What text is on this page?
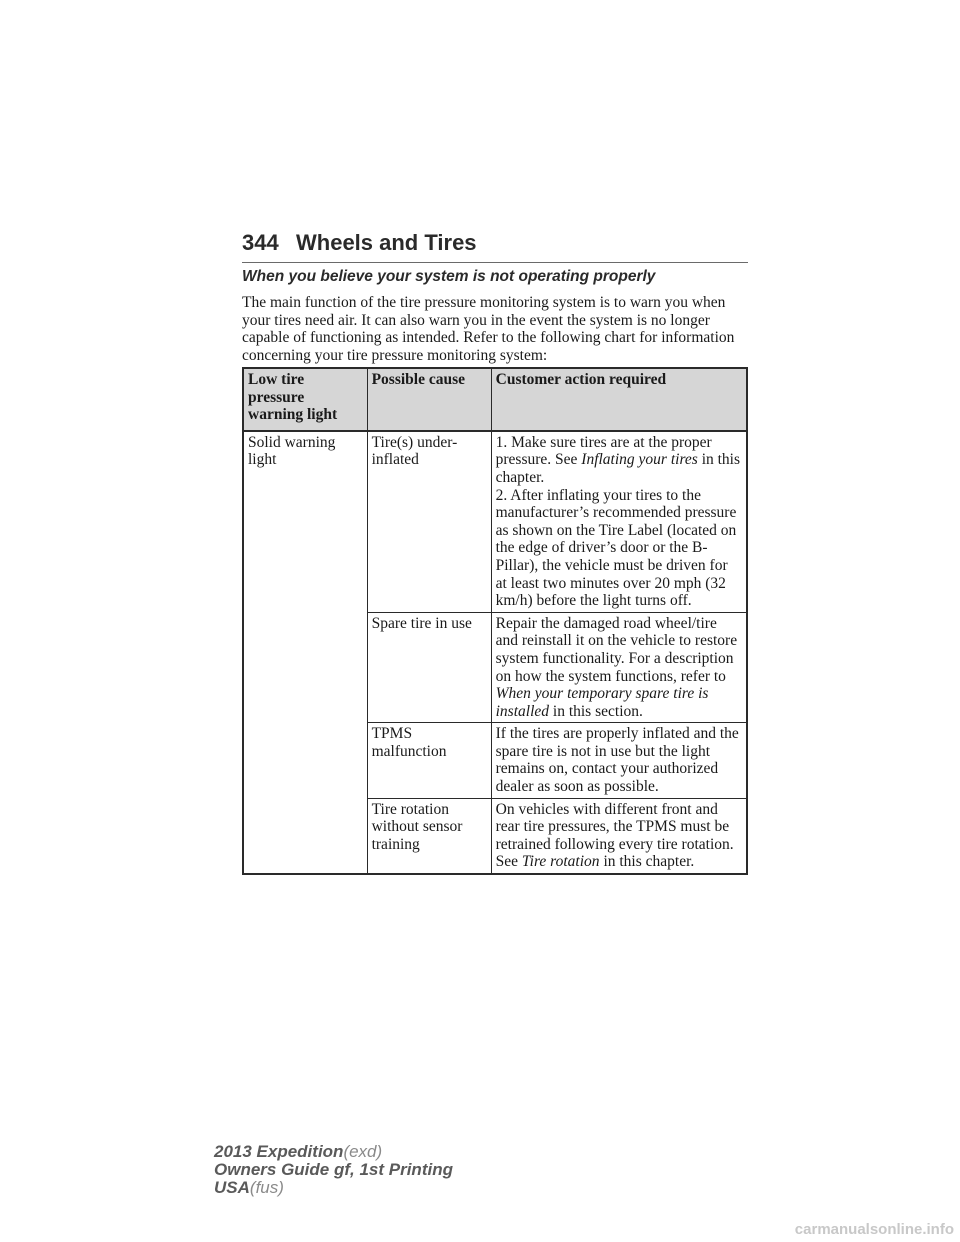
344 Wheels and Tires
When you believe your system is not operating properly

The main function of the tire pressure monitoring system is to warn you when your tires need air. It can also warn you in the event the system is no longer capable of functioning as intended. Refer to the following chart for information concerning your tire pressure monitoring system:

Low tire pressure warning light	Possible cause	Customer action required
Solid warning light	Tire(s) under-inflated	1. Make sure tires are at the proper pressure. See Inflating your tires in this chapter.
2. After inflating your tires to the manufacturer’s recommended pressure as shown on the Tire Label (located on the edge of driver’s door or the B-Pillar), the vehicle must be driven for at least two minutes over 20 mph (32 km/h) before the light turns off.

	Spare tire in use	Repair the damaged road wheel/tire and reinstall it on the vehicle to restore system functionality. For a description on how the system functions, refer to When your temporary spare tire is installed in this section.
	TPMS malfunction	If the tires are properly inflated and the spare tire is not in use but the light remains on, contact your authorized dealer as soon as possible.
	Tire rotation without sensor training	On vehicles with different front and rear tire pressures, the TPMS must be retrained following every tire rotation. See Tire rotation in this chapter.
2013 Expedition(exd)
Owners Guide gf, 1st Printing
USA(fus)
carmanualsonline.info
